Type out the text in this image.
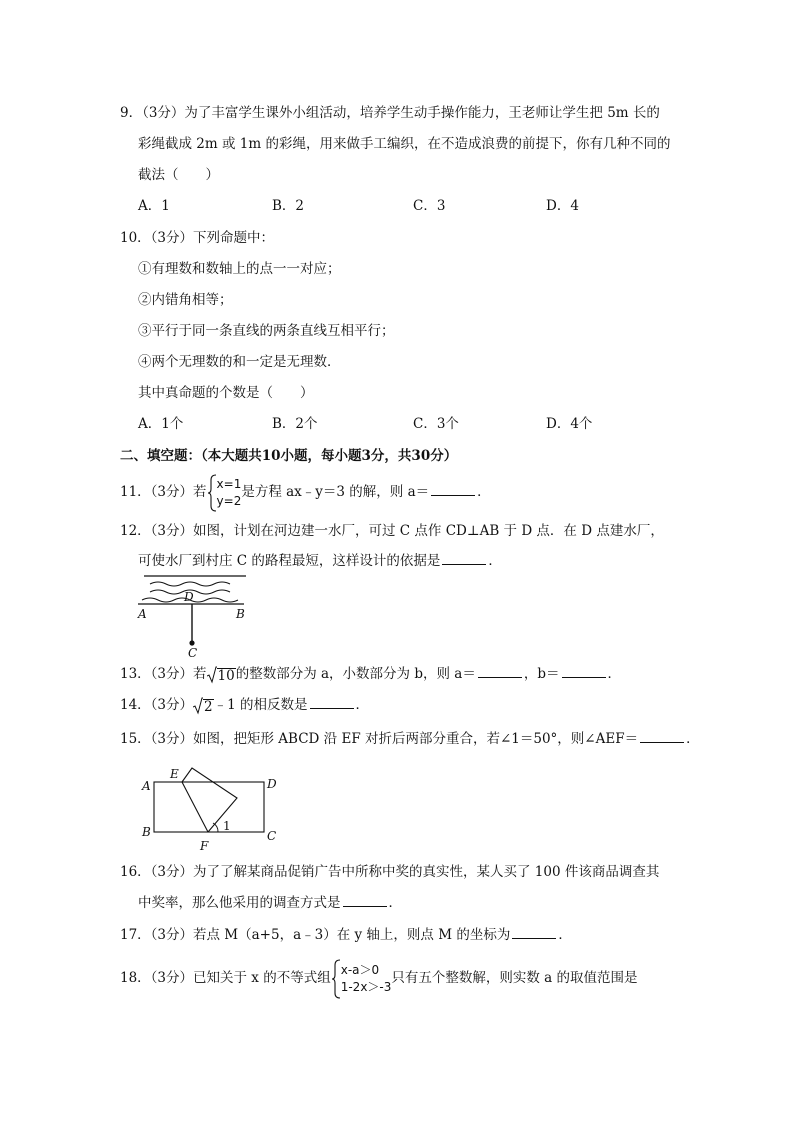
9．（3分）为了丰富学生课外小组活动，培养学生动手操作能力，王老师让学生把 5m 长的
彩绳截成 2m 或 1m 的彩绳，用来做手工编织，在不造成浪费的前提下，你有几种不同的
截法（　　）
A．1	B．2	C．3	D．4
10．（3分）下列命题中：
①有理数和数轴上的点一一对应；
②内错角相等；
③平行于同一条直线的两条直线互相平行；
④两个无理数的和一定是无理数．
其中真命题的个数是（　　）
A．1个	B．2个	C．3个	D．4个
二、填空题：（本大题共10小题，每小题3分，共30分）
11．（3分）若
x=1
y=2
是方程 ax﹣y＝3 的解，则 a＝	．
12．（3分）如图，计划在河边建一水厂，可过 C 点作 CD⊥AB 于 D 点．在 D 点建水厂，
可使水厂到村庄 C 的路程最短，这样设计的依据是	．
A	B
D
C
13．（3分）若 10 的整数部分为 a，小数部分为 b，则 a＝	，b＝	．
14．（3分） 2 ﹣1 的相反数是	．
15．（3分）如图，把矩形 ABCD 沿 EF 对折后两部分重合，若∠1＝50°，则∠AEF＝	．
A
B	C
D
E
F
1
16．（3分）为了了解某商品促销广告中所称中奖的真实性，某人买了 100 件该商品调查其
中奖率，那么他采用的调查方式是	．
17．（3分）若点 M（a+5，a﹣3）在 y 轴上，则点 M 的坐标为	．
18．（3分）已知关于 x 的不等式组
x-a＞0
1-2x＞-3
只有五个整数解，则实数 a 的取值范围是
